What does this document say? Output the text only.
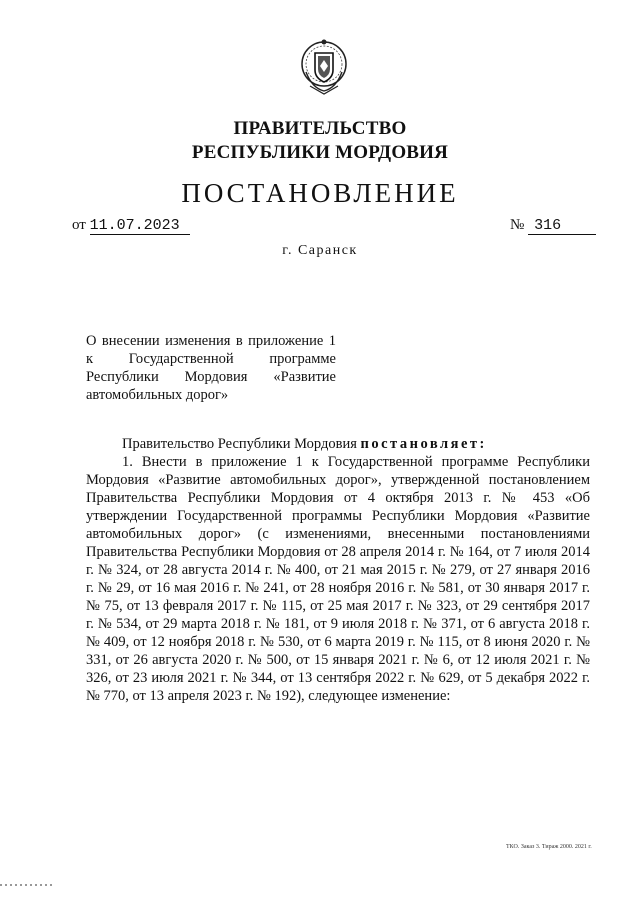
ПРАВИТЕЛЬСТВО
РЕСПУБЛИКИ МОРДОВИЯ
ПОСТАНОВЛЕНИЕ
от 11.07.2023	№ 316
г. Саранск
О внесении изменения в приложение 1 к Государственной программе Республики Мордовия «Развитие автомобильных дорог»

Правительство Республики Мордовия постановляет:

1. Внести в приложение 1 к Государственной программе Республики Мордовия «Развитие автомобильных дорог», утвержденной постановлением Правительства Республики Мордовия от 4 октября 2013 г. № 453 «Об утверждении Государственной программы Республики Мордовия «Развитие автомобильных дорог» (с изменениями, внесенными постановлениями Правительства Республики Мордовия от 28 апреля 2014 г. № 164, от 7 июля 2014 г. № 324, от 28 августа 2014 г. № 400, от 21 мая 2015 г. № 279, от 27 января 2016 г. № 29, от 16 мая 2016 г. № 241, от 28 ноября 2016 г. № 581, от 30 января 2017 г. № 75, от 13 февраля 2017 г. № 115, от 25 мая 2017 г. № 323, от 29 сентября 2017 г. № 534, от 29 марта 2018 г. № 181, от 9 июля 2018 г. № 371, от 6 августа 2018 г. № 409, от 12 ноября 2018 г. № 530, от 6 марта 2019 г. № 115, от 8 июня 2020 г. № 331, от 26 августа 2020 г. № 500, от 15 января 2021 г. № 6, от 12 июля 2021 г. № 326, от 23 июля 2021 г. № 344, от 13 сентября 2022 г. № 629, от 5 декабря 2022 г. № 770, от 13 апреля 2023 г. № 192), следующее изменение:

ТКО. Заказ 3. Тираж 2000. 2021 г.
